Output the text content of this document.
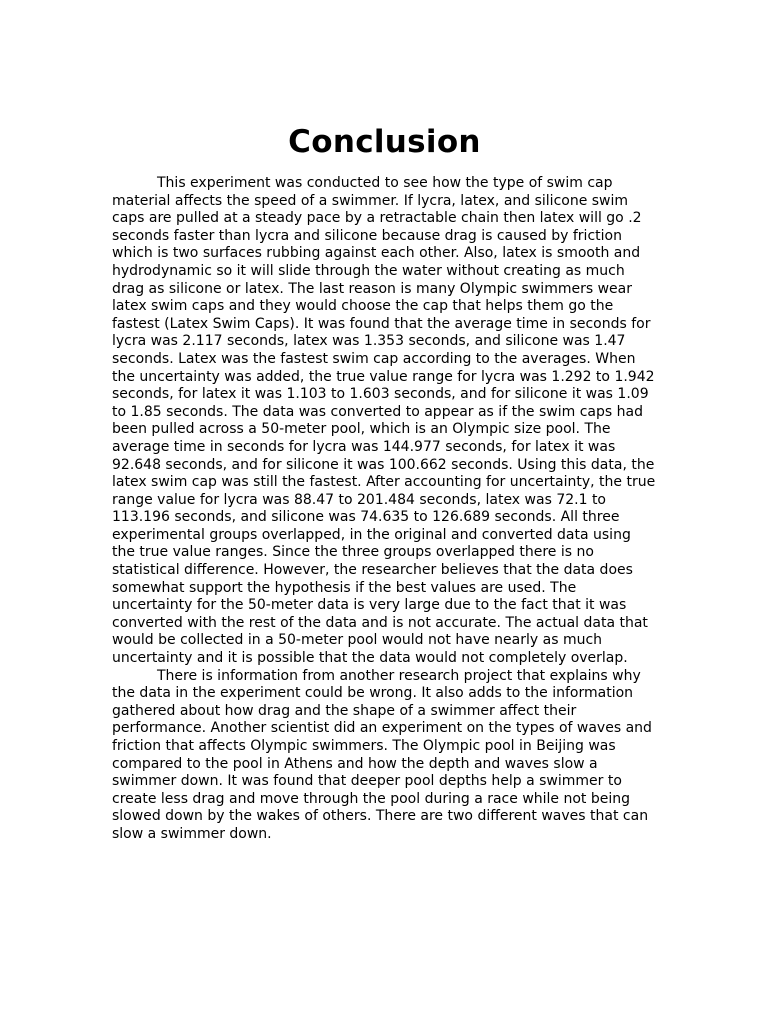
Conclusion

This experiment was conducted to see how the type of swim cap material affects the speed of a swimmer. If lycra, latex, and silicone swim caps are pulled at a steady pace by a retractable chain then latex will go .2 seconds faster than lycra and silicone because drag is caused by friction which is two surfaces rubbing against each other. Also, latex is smooth and hydrodynamic so it will slide through the water without creating as much drag as silicone or latex. The last reason is many Olympic swimmers wear latex swim caps and they would choose the cap that helps them go the fastest (Latex Swim Caps). It was found that the average time in seconds for lycra was 2.117 seconds, latex was 1.353 seconds, and silicone was 1.47 seconds. Latex was the fastest swim cap according to the averages. When the uncertainty was added, the true value range for lycra was 1.292 to 1.942 seconds, for latex it was 1.103 to 1.603 seconds, and for silicone it was 1.09 to 1.85 seconds. The data was converted to appear as if the swim caps had been pulled across a 50-meter pool, which is an Olympic size pool. The average time in seconds for lycra was 144.977 seconds, for latex it was 92.648 seconds, and for silicone it was 100.662 seconds. Using this data, the latex swim cap was still the fastest. After accounting for uncertainty, the true range value for lycra was 88.47 to 201.484 seconds, latex was 72.1 to 113.196 seconds, and silicone was 74.635 to 126.689 seconds. All three experimental groups overlapped, in the original and converted data using the true value ranges. Since the three groups overlapped there is no statistical difference. However, the researcher believes that the data does somewhat support the hypothesis if the best values are used. The uncertainty for the 50-meter data is very large due to the fact that it was converted with the rest of the data and is not accurate. The actual data that would be collected in a 50-meter pool would not have nearly as much uncertainty and it is possible that the data would not completely overlap.

There is information from another research project that explains why the data in the experiment could be wrong. It also adds to the information gathered about how drag and the shape of a swimmer affect their performance. Another scientist did an experiment on the types of waves and friction that affects Olympic swimmers. The Olympic pool in Beijing was compared to the pool in Athens and how the depth and waves slow a swimmer down. It was found that deeper pool depths help a swimmer to create less drag and move through the pool during a race while not being slowed down by the wakes of others. There are two different waves that can slow a swimmer down.
